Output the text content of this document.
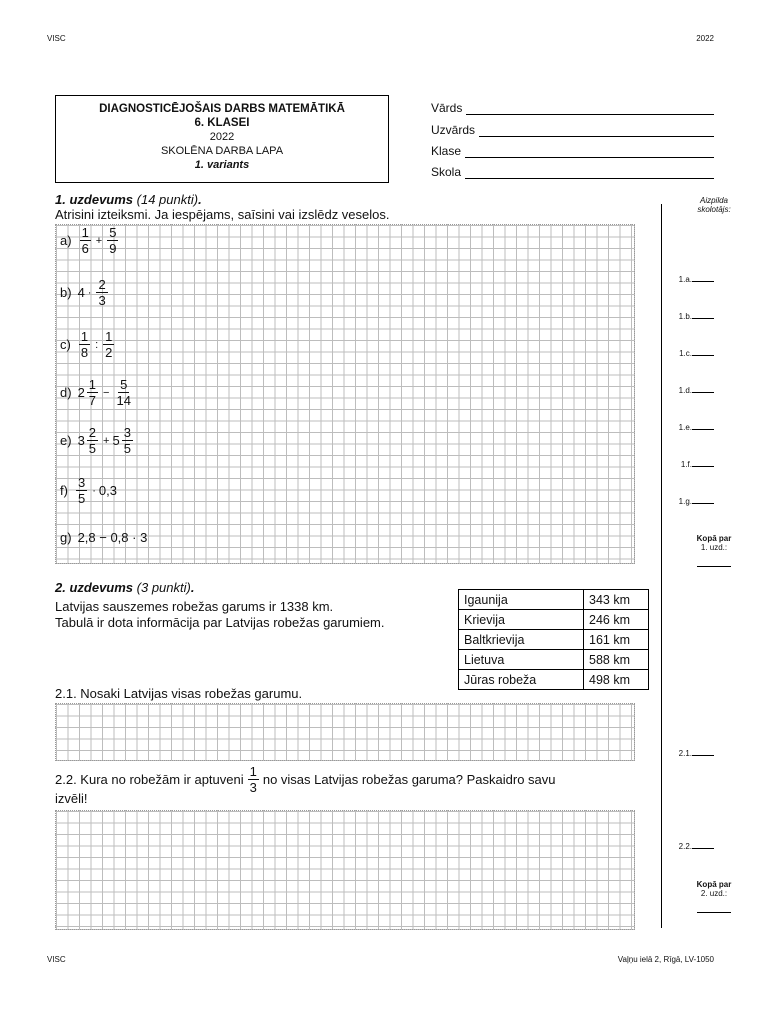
VISC	2022
VISC	Vaļņu ielā 2, Rīgā, LV-1050
DIAGNOSTICĒJOŠAIS DARBS MATEMĀTIKĀ
6. KLASEI
2022
SKOLĒNA DARBA LAPA
1. variants
Vārds
Uzvārds
Klase
Skola
1. uzdevums (14 punkti).
Atrisini izteiksmi. Ja iespējams, saīsini vai izslēdz veselos.
$a) \frac{1}{6} + \frac{5}{9}$
b) $4 \cdot \frac{2}{3}$
$c) \frac{1}{8}$ : $\frac{1}{2}$
d) $2 \frac{1}{7} - \frac{5}{14}$
e) $3 \frac{2}{5} + 5 \frac{3}{5}$
$f) \frac{3}{5} \cdot 0,3$
g) 2,8 − 0,8 · 3
2. uzdevums (3 punkti).
Latvijas sauszemes robežas garums ir 1338 km.
Tabulā ir dota informācija par Latvijas robežas garumiem.
Igaunija	343 km
Krievija	246 km
Baltkrievija	161 km
Lietuva	588 km
Jūras robeža	498 km
2.1. Nosaki Latvijas visas robežas garumu.
2.2. Kura no robežām ir aptuveni $\frac{1}{3}$ no visas Latvijas robežas garuma? Paskaidro savu
izvēli!
Aizpilda
skolotājs:
1.a.
1.b.
1.c.
1.d.
1.e.
1.f.
1.g.
Kopā par
1. uzd.:
2.1.
2.2.
Kopā par
2. uzd.:
